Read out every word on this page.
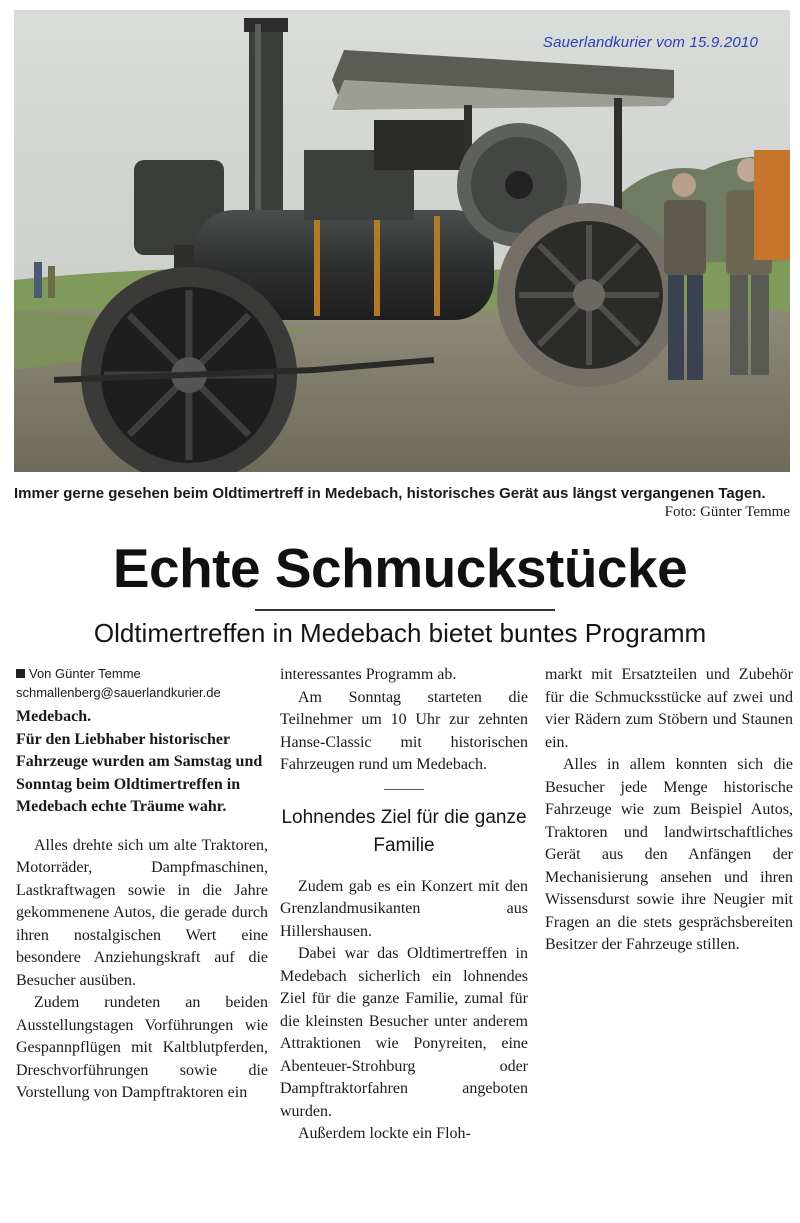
Sauerlandkurier vom 15.9.2010
Immer gerne gesehen beim Oldtimertreff in Medebach, historisches Gerät aus längst vergangenen Tagen.
Foto: Günter Temme
Echte Schmuckstücke
Oldtimertreffen in Medebach bietet buntes Programm
Von Günter Temme
schmallenberg@sauerlandkurier.de

Medebach.

Für den Liebhaber historischer Fahrzeuge wurden am Samstag und Sonntag beim Oldtimertreffen in Medebach echte Träume wahr.

Alles drehte sich um alte Traktoren, Motorräder, Dampfmaschinen, Lastkraftwagen sowie in die Jahre gekommenene Autos, die gerade durch ihren nostalgischen Wert eine besondere Anziehungskraft auf die Besucher ausüben.

Zudem rundeten an beiden Ausstellungstagen Vorführungen wie Gespannpflügen mit Kaltblutpferden, Dreschvorführungen sowie die Vorstellung von Dampftraktoren ein

interessantes Programm ab.

Am Sonntag starteten die Teilnehmer um 10 Uhr zur zehnten Hanse-Classic mit historischen Fahrzeugen rund um Medebach.

Lohnendes Ziel für die ganze Familie

Zudem gab es ein Konzert mit den Grenzlandmusikanten aus Hillershausen.

Dabei war das Oldtimertreffen in Medebach sicherlich ein lohnendes Ziel für die ganze Familie, zumal für die kleinsten Besucher unter anderem Attraktionen wie Ponyreiten, eine Abenteuer-Strohburg oder Dampftraktorfahren angeboten wurden.

Außerdem lockte ein Floh-

markt mit Ersatzteilen und Zubehör für die Schmucksstücke auf zwei und vier Rädern zum Stöbern und Staunen ein.

Alles in allem konnten sich die Besucher jede Menge historische Fahrzeuge wie zum Beispiel Autos, Traktoren und landwirtschaftliches Gerät aus den Anfängen der Mechanisierung ansehen und ihren Wissensdurst sowie ihre Neugier mit Fragen an die stets gesprächsbereiten Besitzer der Fahrzeuge stillen.
